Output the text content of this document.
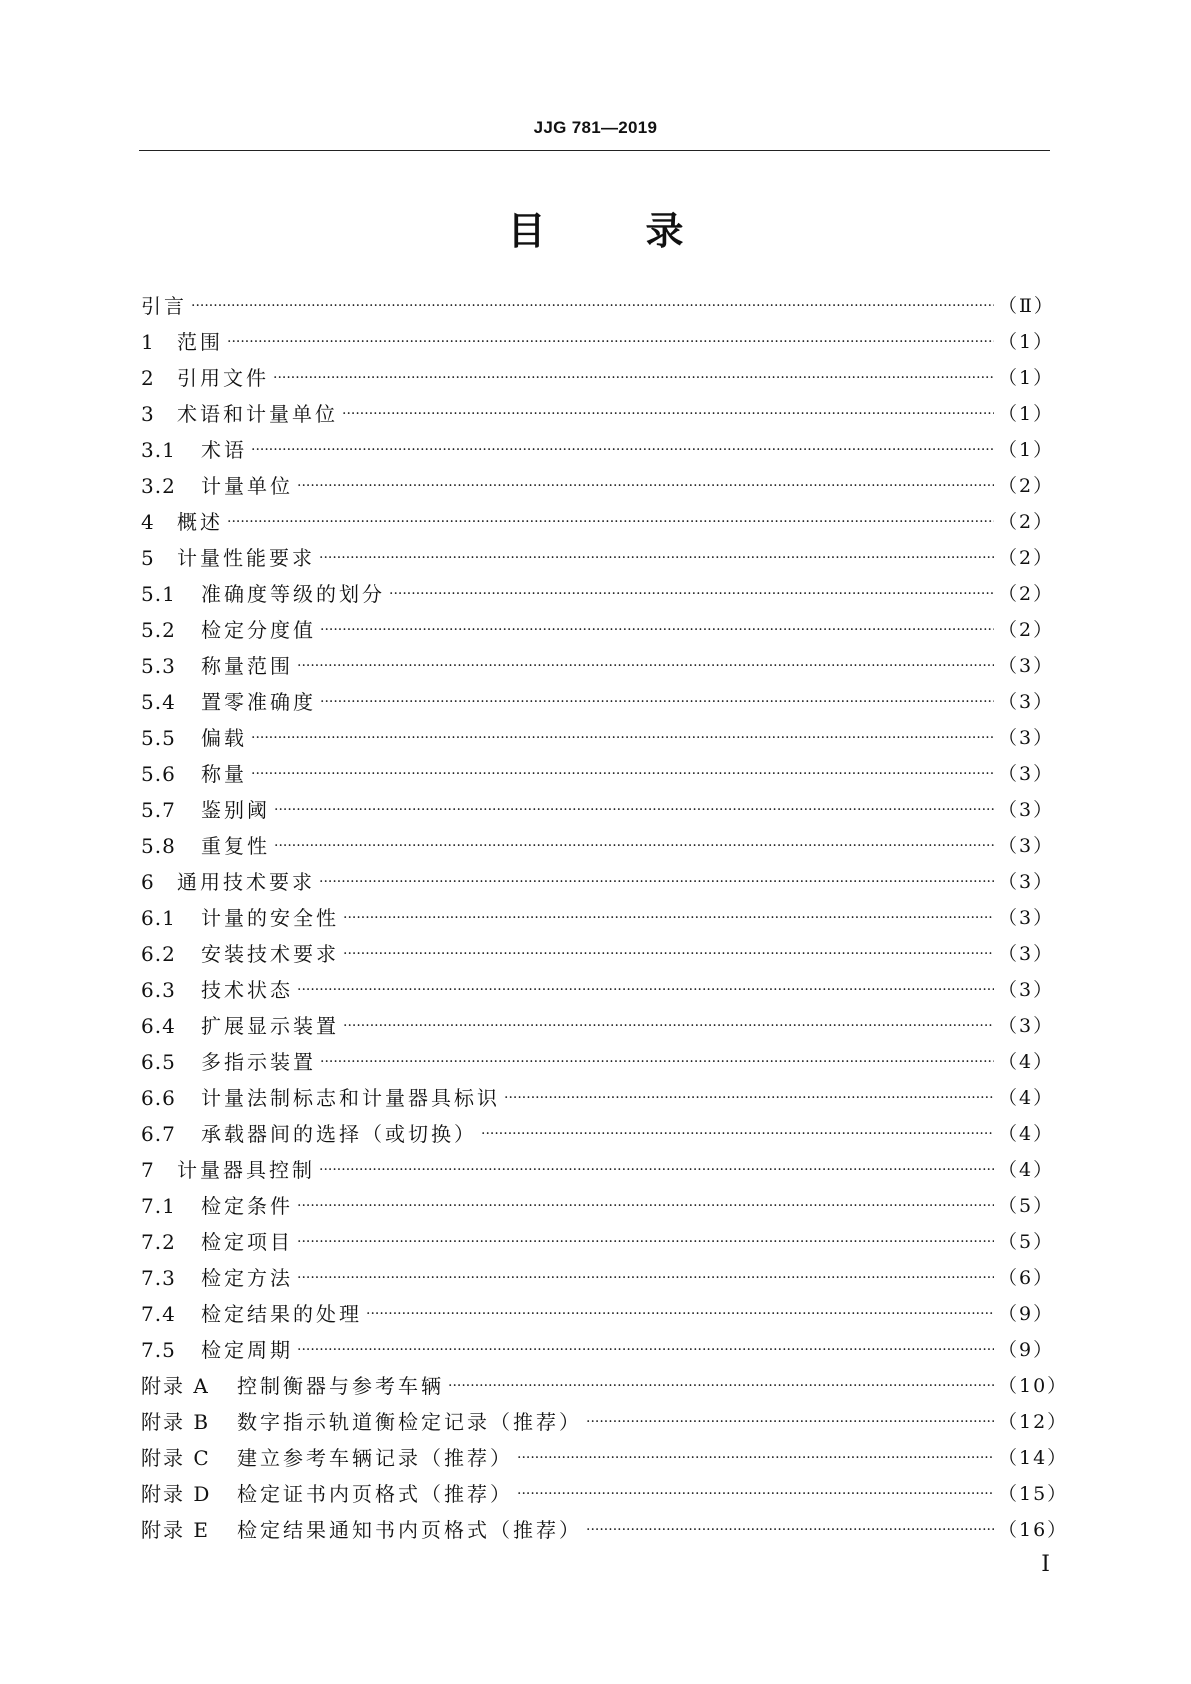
JJG 781—2019
目	录
引言 ·····	（Ⅱ）
1	范围 ·····	（1）
2	引用文件 ·····	（1）
3	术语和计量单位 ·····	（1）
3.1	术语 ·····	（1）
3.2	计量单位 ·····	（2）
4	概述 ·····	（2）
5	计量性能要求 ·····	（2）
5.1	准确度等级的划分 ·····	（2）
5.2	检定分度值 ·····	（2）
5.3	称量范围 ·····	（3）
5.4	置零准确度 ·····	（3）
5.5	偏载 ·····	（3）
5.6	称量 ·····	（3）
5.7	鉴别阈 ·····	（3）
5.8	重复性 ·····	（3）
6	通用技术要求 ·····	（3）
6.1	计量的安全性 ·····	（3）
6.2	安装技术要求 ·····	（3）
6.3	技术状态 ·····	（3）
6.4	扩展显示装置 ·····	（3）
6.5	多指示装置 ·····	（4）
6.6	计量法制标志和计量器具标识 ·····	（4）
6.7	承载器间的选择（或切换） ·····	（4）
7	计量器具控制 ·····	（4）
7.1	检定条件 ·····	（5）
7.2	检定项目 ·····	（5）
7.3	检定方法 ·····	（6）
7.4	检定结果的处理 ·····	（9）
7.5	检定周期 ·····	（9）
附录 A	控制衡器与参考车辆 ·····	（10）
附录 B	数字指示轨道衡检定记录（推荐） ·····	（12）
附录 C	建立参考车辆记录（推荐） ·····	（14）
附录 D	检定证书内页格式（推荐） ·····	（15）
附录 E	检定结果通知书内页格式（推荐） ·····	（16）
Ⅰ
